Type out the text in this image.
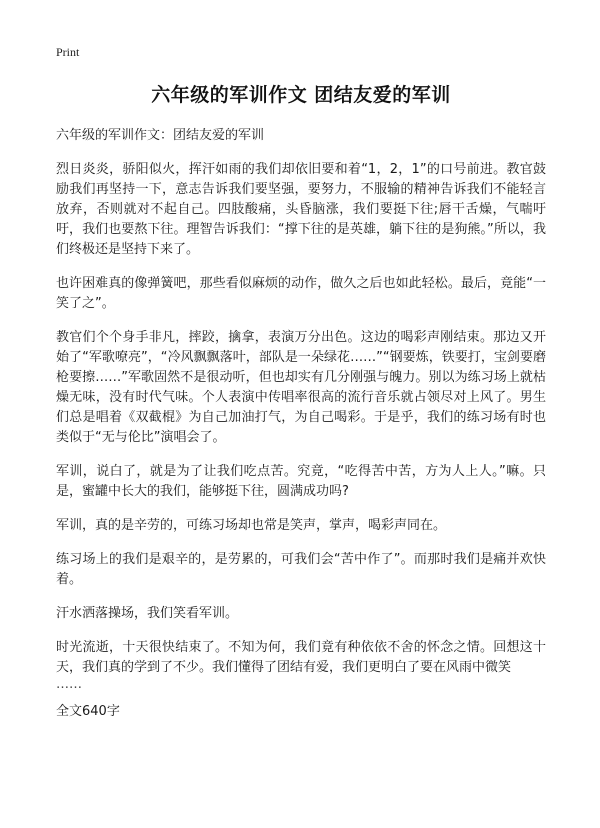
Print
六年级的军训作文 团结友爱的军训
六年级的军训作文：团结友爱的军训

烈日炎炎，骄阳似火，挥汗如雨的我们却依旧要和着“1，2，1”的口号前进。教官鼓励我们再坚持一下，意志告诉我们要坚强，要努力，不服输的精神告诉我们不能轻言放弃，否则就对不起自己。四肢酸痛，头昏脑涨，我们要挺下往;唇干舌燥，气喘吁吁，我们也要熬下往。理智告诉我们：“撑下往的是英雄，躺下往的是狗熊。”所以，我们终极还是坚持下来了。

也许困难真的像弹簧吧，那些看似麻烦的动作，做久之后也如此轻松。最后，竟能“一笑了之”。

教官们个个身手非凡，摔跤，擒拿，表演万分出色。这边的喝彩声刚结束。那边又开始了“军歌嘹亮”，“冷风飘飘落叶，部队是一朵绿花……”“钢要炼，铁要打，宝剑要磨枪要擦……”军歌固然不是很动听，但也却实有几分刚强与魄力。别以为练习场上就枯燥无味，没有时代气味。个人表演中传唱率很高的流行音乐就占领尽对上风了。男生们总是唱着《双截棍》为自己加油打气，为自己喝彩。于是乎，我们的练习场有时也类似于“无与伦比”演唱会了。

军训，说白了，就是为了让我们吃点苦。究竟，“吃得苦中苦，方为人上人。”嘛。只是，蜜罐中长大的我们，能够挺下往，圆满成功吗?

军训，真的是辛劳的，可练习场却也常是笑声，掌声，喝彩声同在。

练习场上的我们是艰辛的，是劳累的，可我们会“苦中作了”。而那时我们是痛并欢快着。

汗水洒落操场，我们笑看军训。

时光流逝，十天很快结束了。不知为何，我们竟有种依依不舍的怀念之情。回想这十天，我们真的学到了不少。我们懂得了团结有爱，我们更明白了要在风雨中微笑

……
全文640字
